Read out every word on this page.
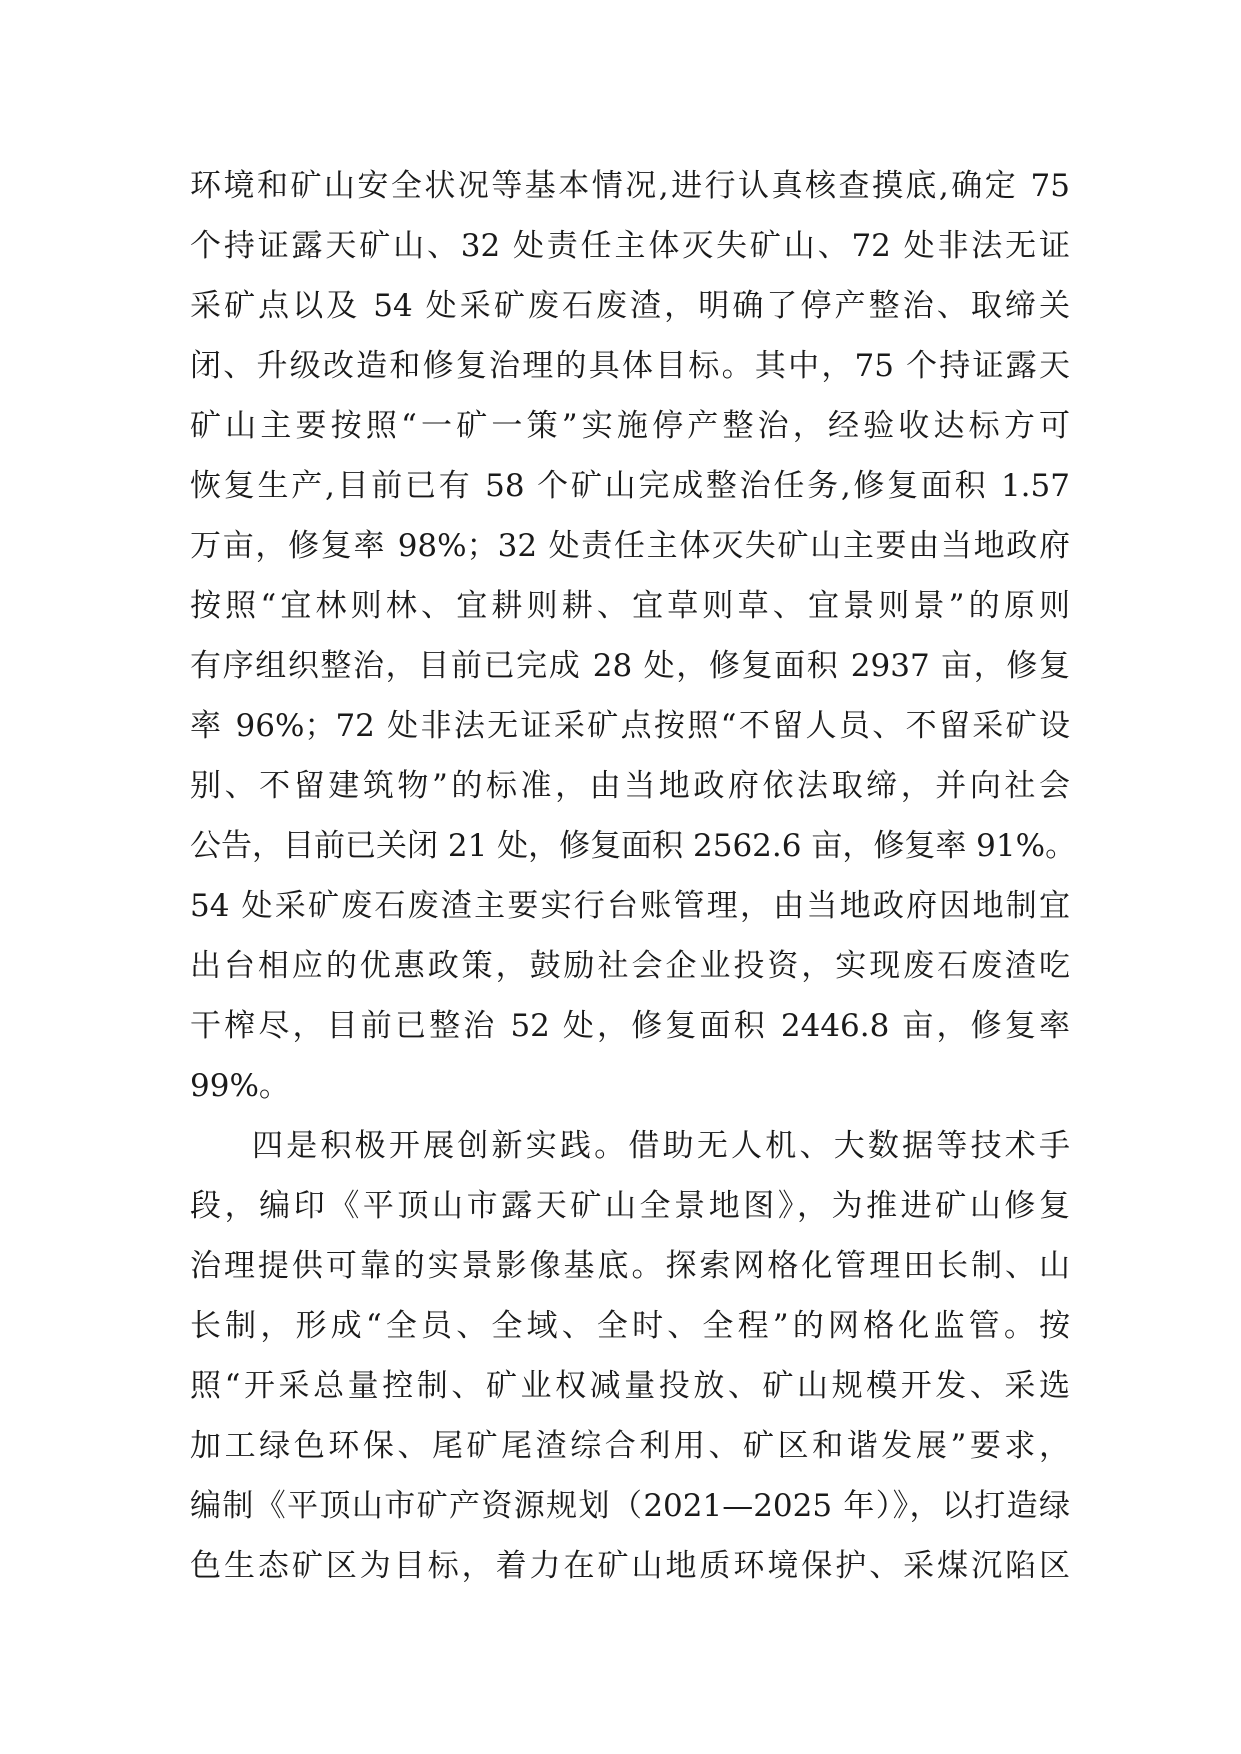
环境和矿山安全状况等基本情况,进行认真核查摸底,确定 75
个持证露天矿山、32 处责任主体灭失矿山、72 处非法无证
采矿点以及 54 处采矿废石废渣，明确了停产整治、取缔关
闭、升级改造和修复治理的具体目标。其中，75 个持证露天
矿山主要按照“一矿一策”实施停产整治，经验收达标方可
恢复生产,目前已有 58 个矿山完成整治任务,修复面积 1.57
万亩，修复率 98%；32 处责任主体灭失矿山主要由当地政府
按照“宜林则林、宜耕则耕、宜草则草、宜景则景”的原则
有序组织整治，目前已完成 28 处，修复面积 2937 亩，修复
率 96%；72 处非法无证采矿点按照“不留人员、不留采矿设
别、不留建筑物”的标准，由当地政府依法取缔，并向社会
公告，目前已关闭 21 处，修复面积 2562.6 亩，修复率 91%。
54 处采矿废石废渣主要实行台账管理，由当地政府因地制宜
出台相应的优惠政策，鼓励社会企业投资，实现废石废渣吃
干榨尽，目前已整治 52 处，修复面积 2446.8 亩，修复率
99%。
四是积极开展创新实践。借助无人机、大数据等技术手
段，编印《平顶山市露天矿山全景地图》，为推进矿山修复
治理提供可靠的实景影像基底。探索网格化管理田长制、山
长制，形成“全员、全域、全时、全程”的网格化监管。按
照“开采总量控制、矿业权减量投放、矿山规模开发、采选
加工绿色环保、尾矿尾渣综合利用、矿区和谐发展”要求，
编制《平顶山市矿产资源规划（2021—2025 年）》，以打造绿
色生态矿区为目标，着力在矿山地质环境保护、采煤沉陷区
